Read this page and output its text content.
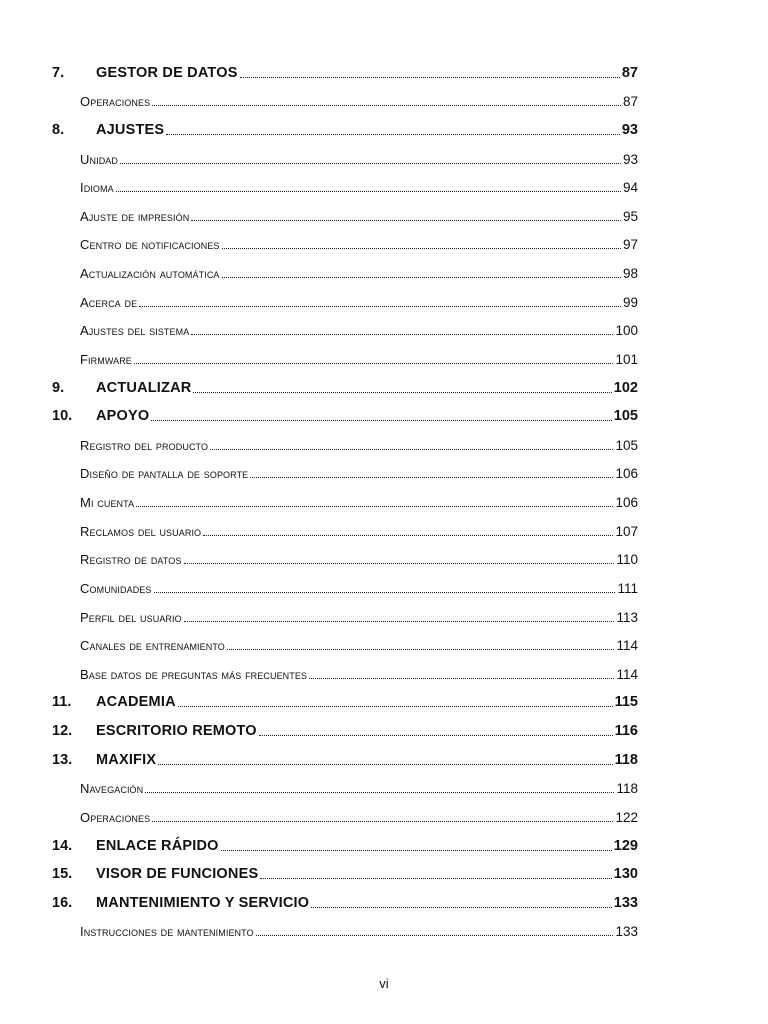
7. GESTOR DE DATOS	87
Operaciones	87
8. AJUSTES	93
Unidad	93
Idioma	94
Ajuste de impresión	95
Centro de notificaciones	97
Actualización automática	98
Acerca de	99
Ajustes del sistema	100
Firmware	101
9. ACTUALIZAR	102
10. APOYO	105
Registro del producto	105
Diseño de pantalla de soporte	106
Mi cuenta	106
Reclamos del usuario	107
Registro de datos	110
Comunidades	111
Perfil del usuario	113
Canales de entrenamiento	114
Base datos de preguntas más frecuentes	114
11. ACADEMIA	115
12. ESCRITORIO REMOTO	116
13. MAXIFIX	118
Navegación	118
Operaciones	122
14. ENLACE RÁPIDO	129
15. VISOR DE FUNCIONES	130
16. MANTENIMIENTO Y SERVICIO	133
Instrucciones de mantenimiento	133
vi
